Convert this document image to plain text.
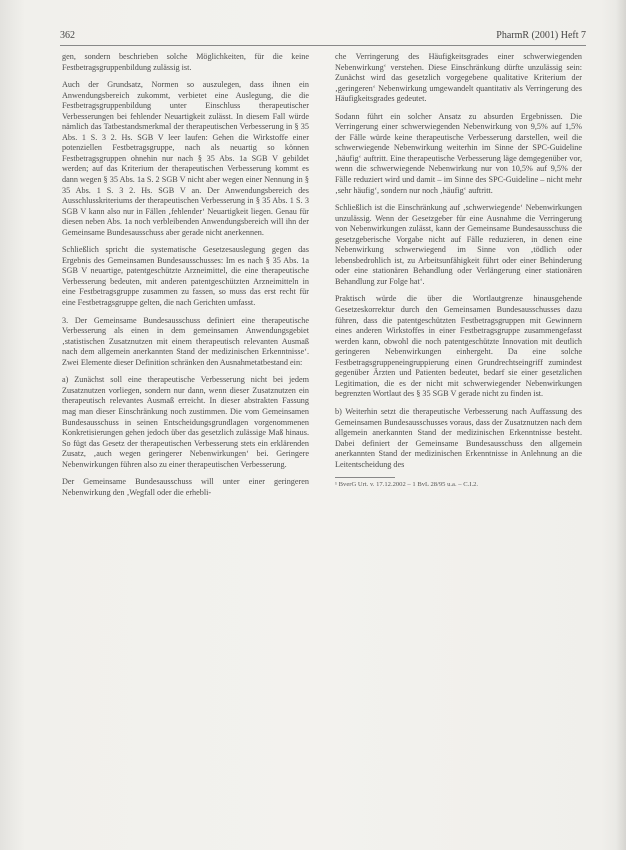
362	PharmR (2001) Heft 7

gen, sondern beschrieben solche Möglichkeiten, für die keine Festbetragsgruppenbildung zulässig ist.

Auch der Grundsatz, Normen so auszulegen, dass ihnen ein Anwendungsbereich zukommt, verbietet eine Auslegung, die die Festbetragsgruppenbildung unter Einschluss therapeutischer Verbesserungen bei fehlender Neuartigkeit zulässt. In diesem Fall würde nämlich das Tatbestandsmerkmal der therapeutischen Verbesserung in § 35 Abs. 1 S. 3 2. Hs. SGB V leer laufen: Gehen die Wirkstoffe einer potenziellen Festbetragsgruppe, nach als neuartig so können Festbetragsgruppen ohnehin nur nach § 35 Abs. 1a SGB V gebildet werden; auf das Kriterium der therapeutischen Verbesserung kommt es dann wegen § 35 Abs. 1a S. 2 SGB V nicht aber wegen einer Nennung in § 35 Abs. 1 S. 3 2. Hs. SGB V an. Der Anwendungsbereich des Ausschlusskriteriums der therapeutischen Verbesserung in § 35 Abs. 1 S. 3 SGB V kann also nur in Fällen ‚fehlender‘ Neuartigkeit liegen. Genau für diesen neben Abs. 1a noch verbleibenden Anwendungsbereich will ihn der Gemeinsame Bundesausschuss aber gerade nicht anerkennen.

Schließlich spricht die systematische Gesetzesauslegung gegen das Ergebnis des Gemeinsamen Bundesausschusses: Im es nach § 35 Abs. 1a SGB V neuartige, patentgeschützte Arzneimittel, die eine therapeutische Verbesserung bedeuten, mit anderen patentgeschützten Arzneimitteln in eine Festbetragsgruppe zusammen zu fassen, so muss das erst recht für eine Festbetragsgruppe gelten, die nach Gerichten umfasst.

3. Der Gemeinsame Bundesausschuss definiert eine therapeutische Verbesserung als einen in dem gemeinsamen Anwendungsgebiet ‚statistischen Zusatznutzen mit einem therapeutisch relevanten Ausmaß nach dem allgemein anerkannten Stand der medizinischen Erkenntnisse‘. Zwei Elemente dieser Definition schränken den Ausnahmetatbestand ein:

a) Zunächst soll eine therapeutische Verbesserung nicht bei jedem Zusatznutzen vorliegen, sondern nur dann, wenn dieser Zusatznutzen ein therapeutisch relevantes Ausmaß erreicht. In dieser abstrakten Fassung mag man dieser Einschränkung noch zustimmen. Die vom Gemeinsamen Bundesausschuss in seinen Entscheidungsgrundlagen vorgenommenen Konkretisierungen gehen jedoch über das gesetzlich zulässige Maß hinaus. So fügt das Gesetz der therapeutischen Verbesserung stets ein erklärenden Zusatz, ‚auch wegen geringerer Nebenwirkungen‘ bei. Geringere Nebenwirkungen führen also zu einer therapeutischen Verbesserung.

Der Gemeinsame Bundesausschuss will unter einer geringeren Nebenwirkung den ‚Wegfall oder die erhebli-

che Verringerung des Häufigkeitsgrades einer schwerwiegenden Nebenwirkung‘ verstehen. Diese Einschränkung dürfte unzulässig sein: Zunächst wird das gesetzlich vorgegebene qualitative Kriterium der ‚geringeren‘ Nebenwirkung umgewandelt quantitativ als Verringerung des Häufigkeitsgrades gedeutet.

Sodann führt ein solcher Ansatz zu absurden Ergebnissen. Die Verringerung einer schwerwiegenden Nebenwirkung von 9,5% auf 1,5% der Fälle würde keine therapeutische Verbesserung darstellen, weil die schwerwiegende Nebenwirkung weiterhin im Sinne der SPC-Guideline ‚häufig‘ auftritt. Eine therapeutische Verbesserung läge demgegenüber vor, wenn die schwerwiegende Nebenwirkung nur von 10,5% auf 9,5% der Fälle reduziert wird und damit – im Sinne des SPC-Guideline – nicht mehr ‚sehr häufig‘, sondern nur noch ‚häufig‘ auftritt.

Schließlich ist die Einschränkung auf ‚schwerwiegende‘ Nebenwirkungen unzulässig. Wenn der Gesetzgeber für eine Ausnahme die Verringerung von Nebenwirkungen zulässt, kann der Gemeinsame Bundesausschuss die gesetzgeberische Vorgabe nicht auf Fälle reduzieren, in denen eine Nebenwirkung schwerwiegend im Sinne von ‚tödlich oder lebensbedrohlich ist, zu Arbeitsunfähigkeit führt oder einer Behinderung oder eine stationären Behandlung oder Verlängerung einer stationären Behandlung zur Folge hat‘.

Praktisch würde die über die Wortlautgrenze hinausgehende Gesetzeskorrektur durch den Gemeinsamen Bundesausschusses dazu führen, dass die patentgeschützten Festbetragsgruppen mit Gewinnern eines anderen Wirkstoffes in einer Festbetragsgruppe zusammengefasst werden kann, obwohl die noch patentgeschützte Innovation mit deutlich geringeren Nebenwirkungen einhergeht. Da eine solche Festbetragsgruppeneingruppierung einen Grundrechtseingriff zumindest gegenüber Ärzten und Patienten bedeutet, bedarf sie einer gesetzlichen Legitimation, die es der nicht mit schwerwiegender Nebenwirkungen begrenzten Wortlaut des § 35 SGB V gerade nicht zu finden ist.

b) Weiterhin setzt die therapeutische Verbesserung nach Auffassung des Gemeinsamen Bundesausschusses voraus, dass der Zusatznutzen nach dem allgemein anerkannten Stand der medizinischen Erkenntnisse besteht. Dabei definiert der Gemeinsame Bundesausschuss den allgemein anerkannten Stand der medizinischen Erkenntnisse in Anlehnung an die Leitentscheidung des

¹ BverG Urt. v. 17.12.2002 – 1 BvL 28/95 u.a. – C.I.2.
